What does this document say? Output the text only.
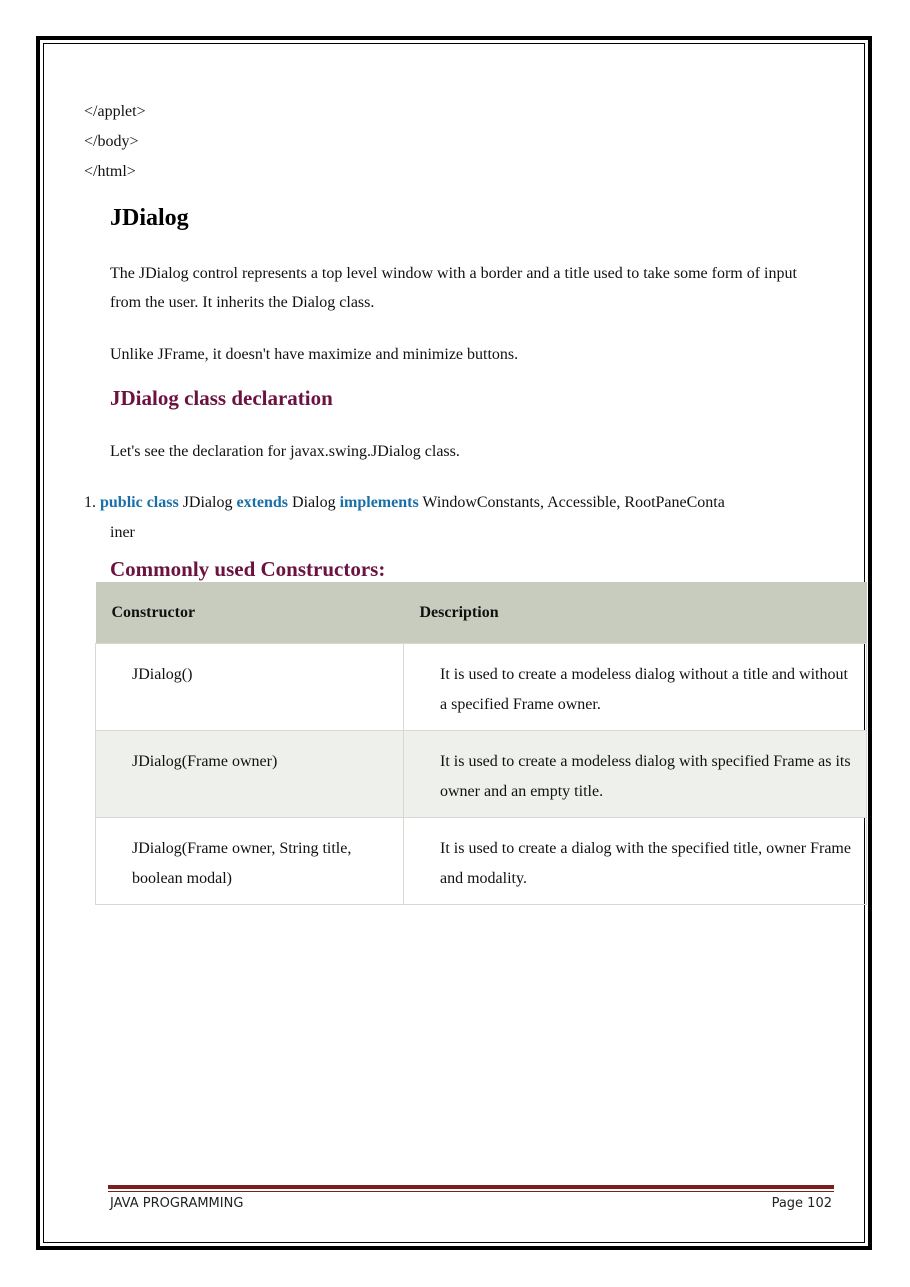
</applet>
</body>
</html>
JDialog
The JDialog control represents a top level window with a border and a title used to take some form of input from the user. It inherits the Dialog class.
Unlike JFrame, it doesn't have maximize and minimize buttons.
JDialog class declaration
Let's see the declaration for javax.swing.JDialog class.
1. public class JDialog extends Dialog implements WindowConstants, Accessible, RootPaneConta
iner
Commonly used Constructors:
Constructor	Description
JDialog()	It is used to create a modeless dialog without a title and without a specified Frame owner.
JDialog(Frame owner)	It is used to create a modeless dialog with specified Frame as its owner and an empty title.
JDialog(Frame owner, String title, boolean modal)	It is used to create a dialog with the specified title, owner Frame and modality.
JAVA PROGRAMMING	Page 102
